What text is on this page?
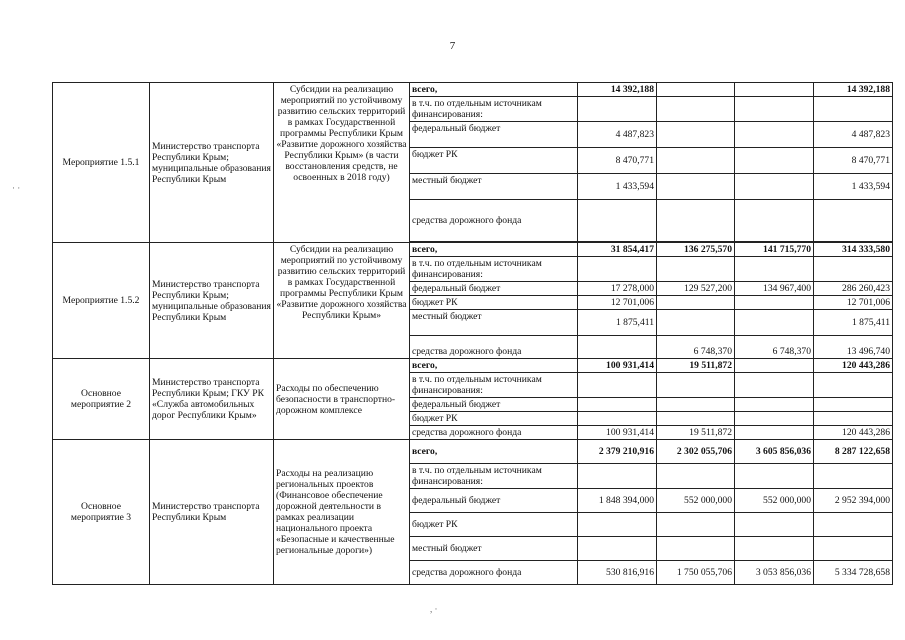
7
· ·
, ·
Мероприятие 1.5.1	Министерство транспорта Республики Крым; муниципальные образования Республики Крым	Субсидии на реализацию мероприятий по устойчивому развитию сельских территорий в рамках Государственной программы Республики Крым «Развитие дорожного хозяйства Республики Крым» (в части восстановления средств, не освоенных в 2018 году)	всего,	14 392,188			14 392,188
			в т.ч. по отдельным источникам финансирования:				
			федеральный бюджет	4 487,823			4 487,823
			бюджет РК	8 470,771			8 470,771
			местный бюджет	1 433,594			1 433,594
			средства дорожного фонда				

Мероприятие 1.5.2	Министерство транспорта Республики Крым; муниципальные образования Республики Крым	Субсидии на реализацию мероприятий по устойчивому развитию сельских территорий в рамках Государственной программы Республики Крым «Развитие дорожного хозяйства Республики Крым»	всего,	31 854,417	136 275,570	141 715,770	314 333,580
			в т.ч. по отдельным источникам финансирования:				
			федеральный бюджет	17 278,000	129 527,200	134 967,400	286 260,423
			бюджет РК	12 701,006			12 701,006
			местный бюджет	1 875,411			1 875,411
			средства дорожного фонда		6 748,370	6 748,370	13 496,740
Основное мероприятие 2	Министерство транспорта Республики Крым; ГКУ РК «Служба автомобильных дорог Республики Крым»	Расходы по обеспечению безопасности в транспортно-дорожном комплексе	всего,	100 931,414	19 511,872		120 443,286
			в т.ч. по отдельным источникам финансирования:				
			федеральный бюджет				
			бюджет РК				
			средства дорожного фонда	100 931,414	19 511,872		120 443,286
Основное мероприятие 3	Министерство транспорта Республики Крым	Расходы на реализацию региональных проектов (Финансовое обеспечение дорожной деятельности в рамках реализации национального проекта «Безопасные и качественные региональные дороги»)	всего,	2 379 210,916	2 302 055,706	3 605 856,036	8 287 122,658
			в т.ч. по отдельным источникам финансирования:				
			федеральный бюджет	1 848 394,000	552 000,000	552 000,000	2 952 394,000
			бюджет РК				
			местный бюджет				
			средства дорожного фонда	530 816,916	1 750 055,706	3 053 856,036	5 334 728,658
